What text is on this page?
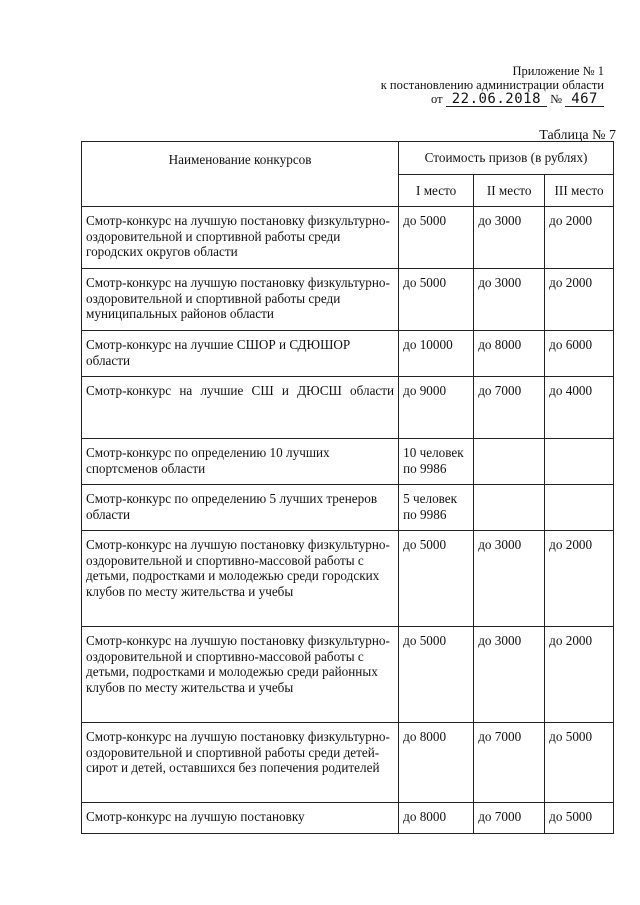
Приложение № 1
к постановлению администрации области
от 22.06.2018 № 467
Таблица № 7
Наименование конкурсов	Стоимость призов (в рублях)		
	I место	II место	III место
Смотр-конкурс на лучшую постановку физкультурно-оздоровительной и спортивной работы среди городских округов области	до 5000	до 3000	до 2000
Смотр-конкурс на лучшую постановку физкультурно-оздоровительной и спортивной работы среди муниципальных районов области	до 5000	до 3000	до 2000
Смотр-конкурс на лучшие СШОР и СДЮШОР области	до 10000	до 8000	до 6000
Смотр-конкурс на лучшие СШ и ДЮСШ области	до 9000	до 7000	до 4000
Смотр-конкурс по определению 10 лучших спортсменов области	10 человек по 9986		
Смотр-конкурс по определению 5 лучших тренеров области	5 человек по 9986		
Смотр-конкурс на лучшую постановку физкультурно-оздоровительной и спортивно-массовой работы с детьми, подростками и молодежью среди городских клубов по месту жительства и учебы	до 5000	до 3000	до 2000
Смотр-конкурс на лучшую постановку физкультурно-оздоровительной и спортивно-массовой работы с детьми, подростками и молодежью среди районных клубов по месту жительства и учебы	до 5000	до 3000	до 2000
Смотр-конкурс на лучшую постановку физкультурно-оздоровительной и спортивной работы среди детей-сирот и детей, оставшихся без попечения родителей	до 8000	до 7000	до 5000
Смотр-конкурс на лучшую постановку	до 8000	до 7000	до 5000
